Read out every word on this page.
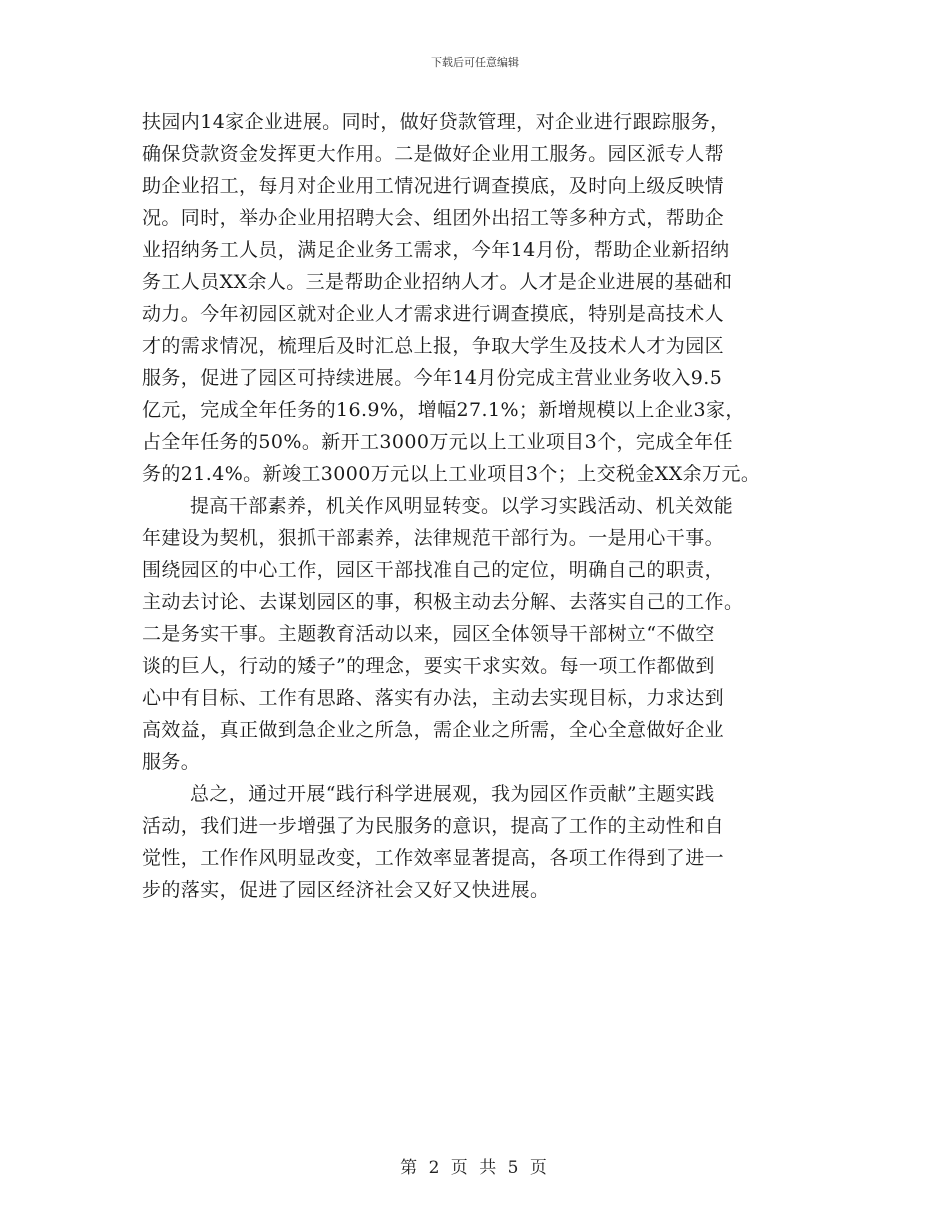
下载后可任意编辑
扶园内14家企业进展。同时，做好贷款管理，对企业进行跟踪服务，
确保贷款资金发挥更大作用。二是做好企业用工服务。园区派专人帮
助企业招工，每月对企业用工情况进行调查摸底，及时向上级反映情
况。同时，举办企业用招聘大会、组团外出招工等多种方式，帮助企
业招纳务工人员，满足企业务工需求，今年14月份，帮助企业新招纳
务工人员XX余人。三是帮助企业招纳人才。人才是企业进展的基础和
动力。今年初园区就对企业人才需求进行调查摸底，特别是高技术人
才的需求情况，梳理后及时汇总上报，争取大学生及技术人才为园区
服务，促进了园区可持续进展。今年14月份完成主营业业务收入9.5
亿元，完成全年任务的16.9%，增幅27.1%；新增规模以上企业3家，
占全年任务的50%。新开工3000万元以上工业项目3个，完成全年任
务的21.4%。新竣工3000万元以上工业项目3个；上交税金XX余万元。
提高干部素养，机关作风明显转变。以学习实践活动、机关效能
年建设为契机，狠抓干部素养，法律规范干部行为。一是用心干事。
围绕园区的中心工作，园区干部找准自己的定位，明确自己的职责，
主动去讨论、去谋划园区的事，积极主动去分解、去落实自己的工作。
二是务实干事。主题教育活动以来，园区全体领导干部树立“不做空
谈的巨人，行动的矮子”的理念，要实干求实效。每一项工作都做到
心中有目标、工作有思路、落实有办法，主动去实现目标，力求达到
高效益，真正做到急企业之所急，需企业之所需，全心全意做好企业
服务。
总之，通过开展“践行科学进展观，我为园区作贡献”主题实践
活动，我们进一步增强了为民服务的意识，提高了工作的主动性和自
觉性，工作作风明显改变，工作效率显著提高，各项工作得到了进一
步的落实，促进了园区经济社会又好又快进展。
第 2 页 共 5 页
